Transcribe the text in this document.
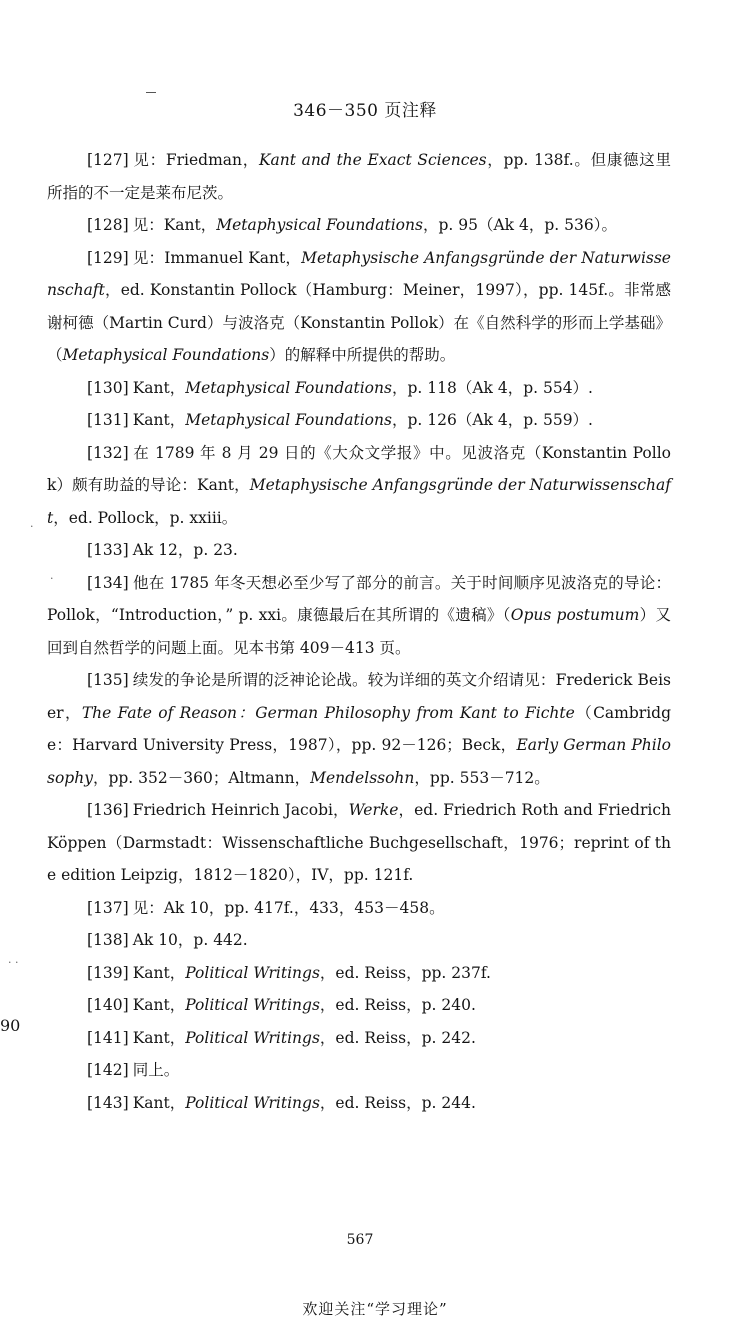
346－350 页注释

[127] 见：Friedman，Kant and the Exact Sciences，pp. 138f.。但康德这里所指的不一定是莱布尼茨。

[128] 见：Kant，Metaphysical Foundations，p. 95（Ak 4，p. 536）。

[129] 见：Immanuel Kant，Metaphysische Anfangsgründe der Naturwissenschaft，ed. Konstantin Pollock（Hamburg：Meiner，1997），pp. 145f.。非常感谢柯德（Martin Curd）与波洛克（Konstantin Pollok）在《自然科学的形而上学基础》（Metaphysical Foundations）的解释中所提供的帮助。

[130] Kant，Metaphysical Foundations，p. 118（Ak 4，p. 554）.

[131] Kant，Metaphysical Foundations，p. 126（Ak 4，p. 559）.

[132] 在 1789 年 8 月 29 日的《大众文学报》中。见波洛克（Konstantin Pollok）颇有助益的导论：Kant，Metaphysische Anfangsgründe der Naturwissenschaft，ed. Pollock，p. xxiii。

[133] Ak 12，p. 23.

[134] 他在 1785 年冬天想必至少写了部分的前言。关于时间顺序见波洛克的导论：Pollok，“Introduction，” p. xxi。康德最后在其所谓的《遗稿》（Opus postumum）又回到自然哲学的问题上面。见本书第 409－413 页。

[135] 续发的争论是所谓的泛神论论战。较为详细的英文介绍请见：Frederick Beiser，The Fate of Reason：German Philosophy from Kant to Fichte（Cambridge：Harvard University Press，1987），pp. 92－126；Beck，Early German Philosophy，pp. 352－360；Altmann，Mendelssohn，pp. 553－712。

[136] Friedrich Heinrich Jacobi，Werke，ed. Friedrich Roth and Friedrich Köppen（Darmstadt：Wissenschaftliche Buchgesellschaft，1976；reprint of the edition Leipzig，1812－1820），IV，pp. 121f.

[137] 见：Ak 10，pp. 417f.，433，453－458。

[138] Ak 10，p. 442.

[139] Kant，Political Writings，ed. Reiss，pp. 237f.

[140] Kant，Political Writings，ed. Reiss，p. 240.

[141] Kant，Political Writings，ed. Reiss，p. 242.

[142] 同上。

[143] Kant，Political Writings，ed. Reiss，p. 244.

·
·
· ·
90
567
欢迎关注“学习理论”
